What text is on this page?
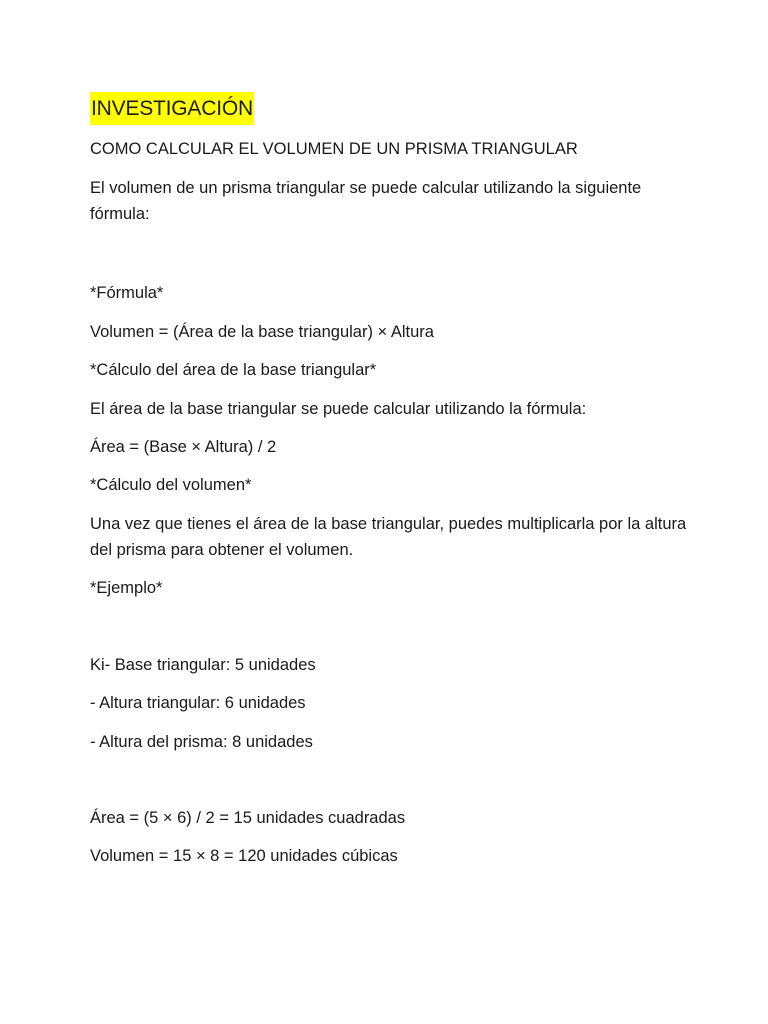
INVESTIGACIÓN
COMO CALCULAR EL VOLUMEN DE UN PRISMA TRIANGULAR
El volumen de un prisma triangular se puede calcular utilizando la siguiente fórmula:
*Fórmula*
Volumen = (Área de la base triangular) × Altura
*Cálculo del área de la base triangular*
El área de la base triangular se puede calcular utilizando la fórmula:
Área = (Base × Altura) / 2
*Cálculo del volumen*
Una vez que tienes el área de la base triangular, puedes multiplicarla por la altura del prisma para obtener el volumen.
*Ejemplo*
Ki- Base triangular: 5 unidades
- Altura triangular: 6 unidades
- Altura del prisma: 8 unidades
Área = (5 × 6) / 2 = 15 unidades cuadradas
Volumen = 15 × 8 = 120 unidades cúbicas
